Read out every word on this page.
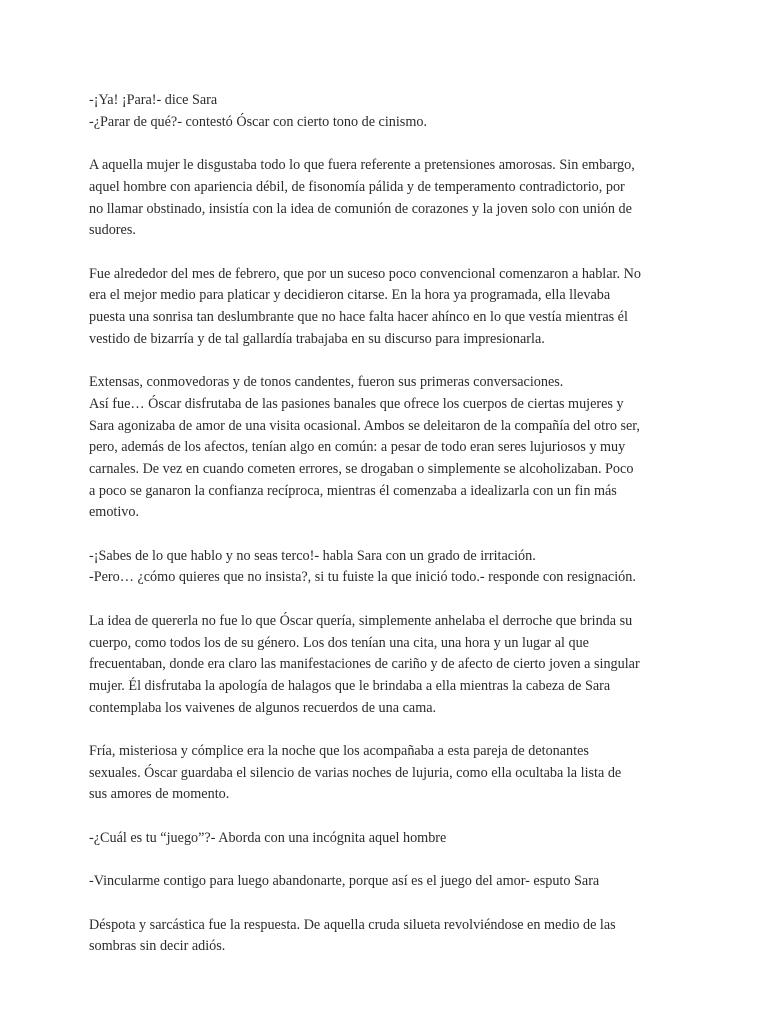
-¡Ya! ¡Para!- dice Sara
-¿Parar de qué?- contestó Óscar con cierto tono de cinismo.

A aquella mujer le disgustaba todo lo que fuera referente a pretensiones amorosas. Sin embargo,
aquel hombre con apariencia débil, de fisonomía pálida y de temperamento contradictorio, por
no llamar obstinado, insistía con la idea de comunión de corazones y la joven solo con unión de
sudores.

Fue alrededor del mes de febrero, que por un suceso poco convencional comenzaron a hablar. No
era el mejor medio para platicar y decidieron citarse. En la hora ya programada, ella llevaba
puesta una sonrisa tan deslumbrante que no hace falta hacer ahínco en lo que vestía mientras él
vestido de bizarría y de tal gallardía trabajaba en su discurso para impresionarla.

Extensas, conmovedoras y de tonos candentes, fueron sus primeras conversaciones.
Así fue… Óscar disfrutaba de las pasiones banales que ofrece los cuerpos de ciertas mujeres y
Sara agonizaba de amor de una visita ocasional. Ambos se deleitaron de la compañía del otro ser,
pero, además de los afectos, tenían algo en común: a pesar de todo eran seres lujuriosos y muy
carnales. De vez en cuando cometen errores, se drogaban o simplemente se alcoholizaban. Poco
a poco se ganaron la confianza recíproca, mientras él comenzaba a idealizarla con un fin más
emotivo.

-¡Sabes de lo que hablo y no seas terco!- habla Sara con un grado de irritación.
-Pero… ¿cómo quieres que no insista?, si tu fuiste la que inició todo.- responde con resignación.

La idea de quererla no fue lo que Óscar quería, simplemente anhelaba el derroche que brinda su
cuerpo, como todos los de su género. Los dos tenían una cita, una hora y un lugar al que
frecuentaban, donde era claro las manifestaciones de cariño y de afecto de cierto joven a singular
mujer. Él disfrutaba la apología de halagos que le brindaba a ella mientras la cabeza de Sara
contemplaba los vaivenes de algunos recuerdos de una cama.

Fría, misteriosa y cómplice era la noche que los acompañaba a esta pareja de detonantes
sexuales. Óscar guardaba el silencio de varias noches de lujuria, como ella ocultaba la lista de
sus amores de momento.

-¿Cuál es tu “juego”?- Aborda con una incógnita aquel hombre

-Vincularme contigo para luego abandonarte, porque así es el juego del amor- esputo Sara

Déspota y sarcástica fue la respuesta. De aquella cruda silueta revolviéndose en medio de las
sombras sin decir adiós.
